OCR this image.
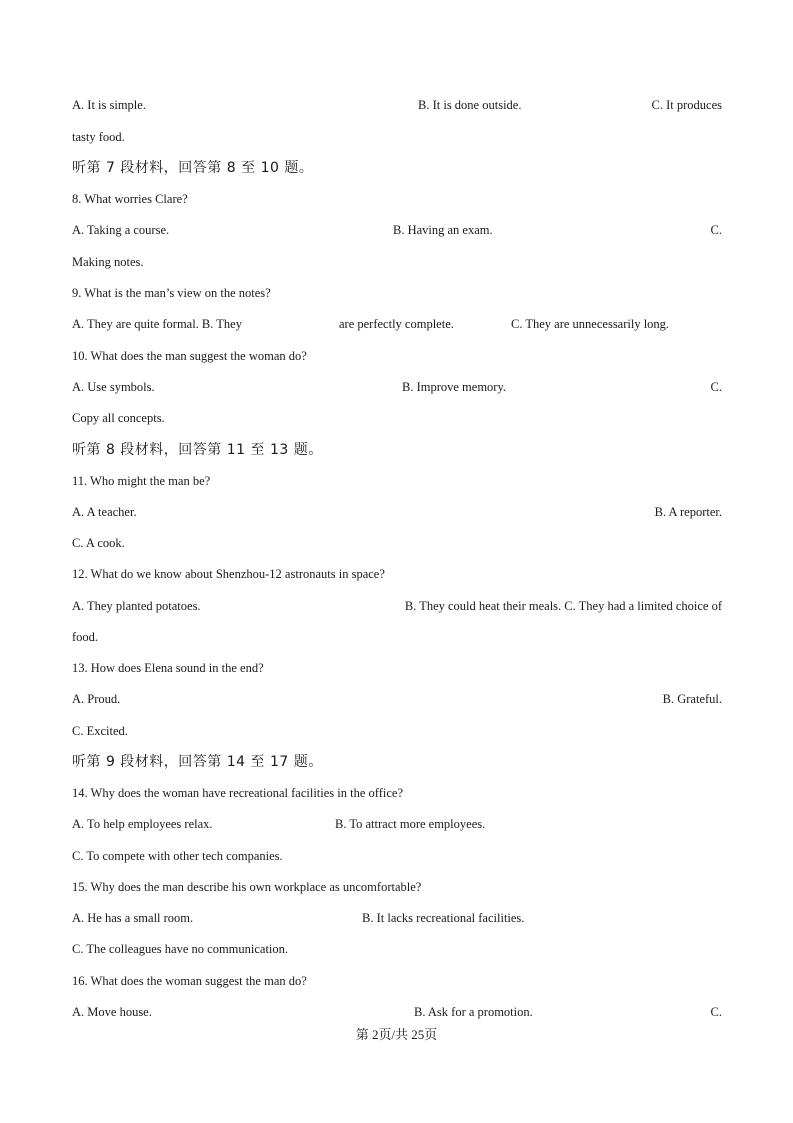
A. It is simple.	B. It is done outside.	C. It produces
tasty food.
听第 7 段材料，回答第 8 至 10 题。
8. What worries Clare?
A. Taking a course.	B. Having an exam.	C.
Making notes.
9. What is the man’s view on the notes?
A. They are quite formal. B. They	are perfectly complete.	C. They are unnecessarily long.
10. What does the man suggest the woman do?
A. Use symbols.	B. Improve memory.	C.
Copy all concepts.
听第 8 段材料，回答第 11 至 13 题。
11. Who might the man be?
A. A teacher.	B. A reporter.
C. A cook.
12. What do we know about Shenzhou-12 astronauts in space?
A. They planted potatoes.	B. They could heat their meals. C. They had a limited choice of
food.
13. How does Elena sound in the end?
A. Proud.	B. Grateful.
C. Excited.
听第 9 段材料，回答第 14 至 17 题。
14. Why does the woman have recreational facilities in the office?
A. To help employees relax.	B. To attract more employees.
C. To compete with other tech companies.
15. Why does the man describe his own workplace as uncomfortable?
A. He has a small room.	B. It lacks recreational facilities.
C. The colleagues have no communication.
16. What does the woman suggest the man do?
A. Move house.	B. Ask for a promotion.	C.
第 2页/共 25页
